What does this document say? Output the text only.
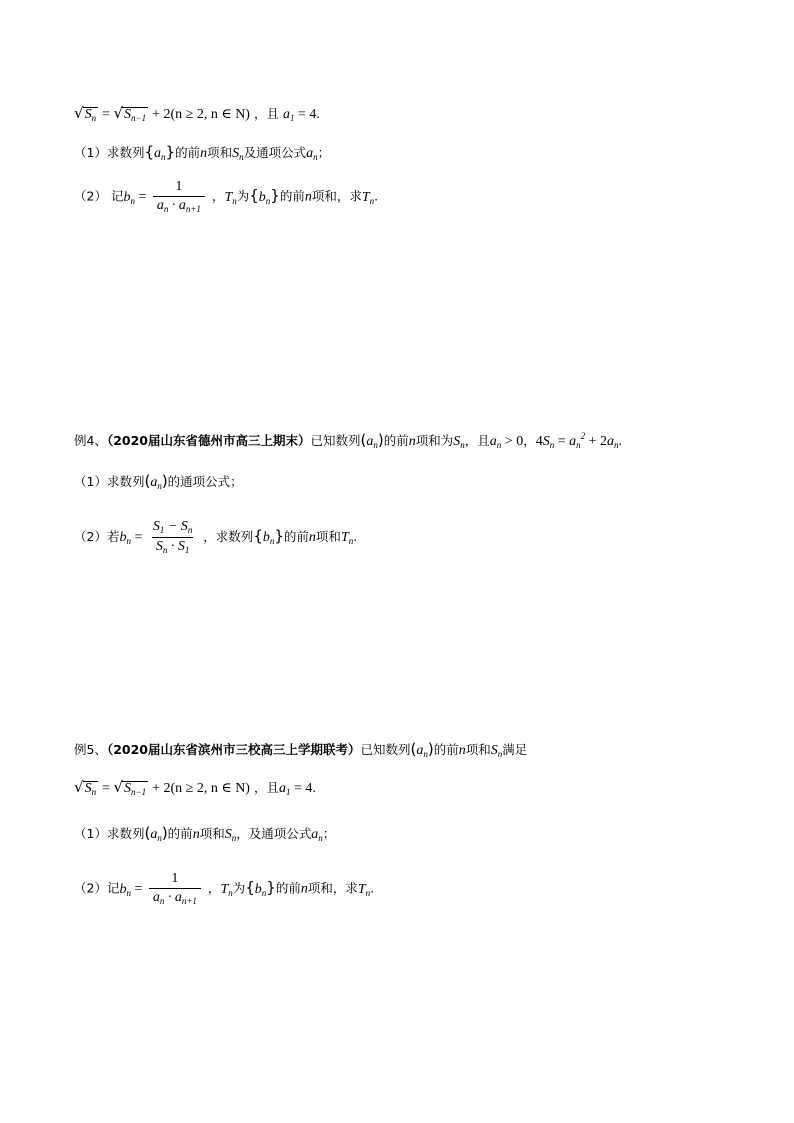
$√S_n = √S_{n-1} + 2(n \ge 2$, n ∈ N) ，且 $a_1 = 4$.
（1）求数列$\{a_n\}$的前n项和$S_n$及通项公式$a_n$；
（2） 记$b_n = \frac{1}{a_n \cdot a_{n+1}}$ ，$T_n$为$\{b_n\}$的前n项和，求$T_n$.
例4、（2020届山东省德州市高三上期末）已知数列$(a_n)$的前n项和为$S_n$，且$a_n > 0$，$4S_n = a_n^2 + 2a_n$.
（1）求数列$(a_n)$的通项公式；
（2）若$b_n = \frac{S_1 - S_n}{S_n \cdot S_1}$ ，求数列$\{b_n\}$的前n项和$T_n$.
例5、（2020届山东省滨州市三校高三上学期联考）已知数列$(a_n)$的前n项和$S_n$满足
$√S_n = √S_{n-1} + 2(n \ge 2$, n ∈ N) ，且$a_1 = 4$.
（1）求数列$(a_n)$的前n项和$S_n$，及通项公式$a_n$；
（2）记$b_n = \frac{1}{a_n \cdot a_{n+1}}$ ，$T_n$为$\{b_n\}$的前n项和，求$T_n$.
